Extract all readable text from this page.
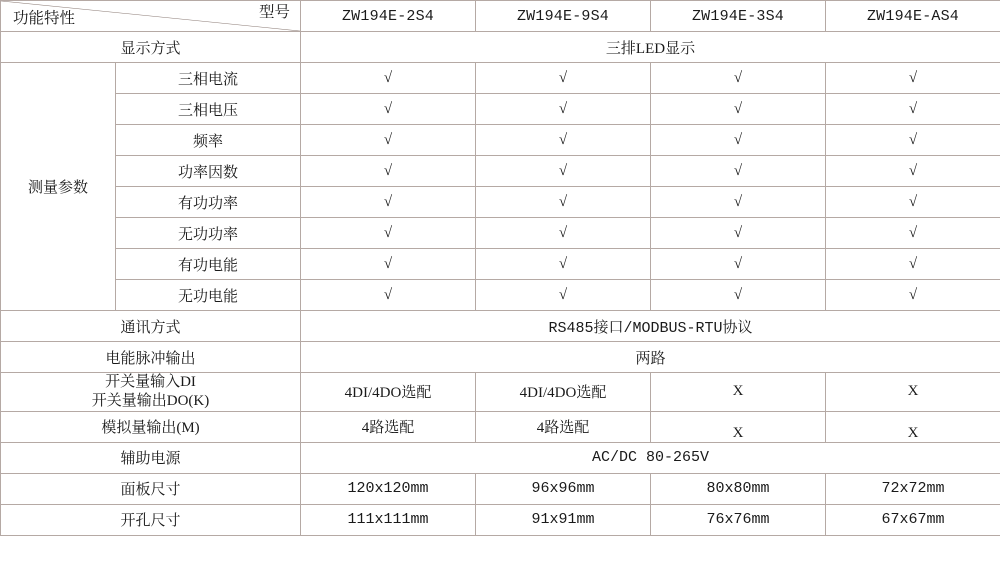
型号
功能特性		ZW194E-2S4	ZW194E-9S4	ZW194E-3S4	ZW194E-AS4
显示方式		三排LED显示			
测量参数	三相电流	√	√	√	√
	三相电压	√	√	√	√
	频率	√	√	√	√
	功率因数	√	√	√	√
	有功功率	√	√	√	√
	无功功率	√	√	√	√
	有功电能	√	√	√	√
	无功电能	√	√	√	√
通讯方式		RS485接口/MODBUS-RTU协议			
电能脉冲输出		两路			

开关量输入DI
开关量输出DO(K)		4DI/4DO选配	4DI/4DO选配	X	X
模拟量输出(M)		4路选配	4路选配	X	X
辅助电源		AC/DC 80-265V			
面板尺寸		120x120mm	96x96mm	80x80mm	72x72mm
开孔尺寸		111x111mm	91x91mm	76x76mm	67x67mm
